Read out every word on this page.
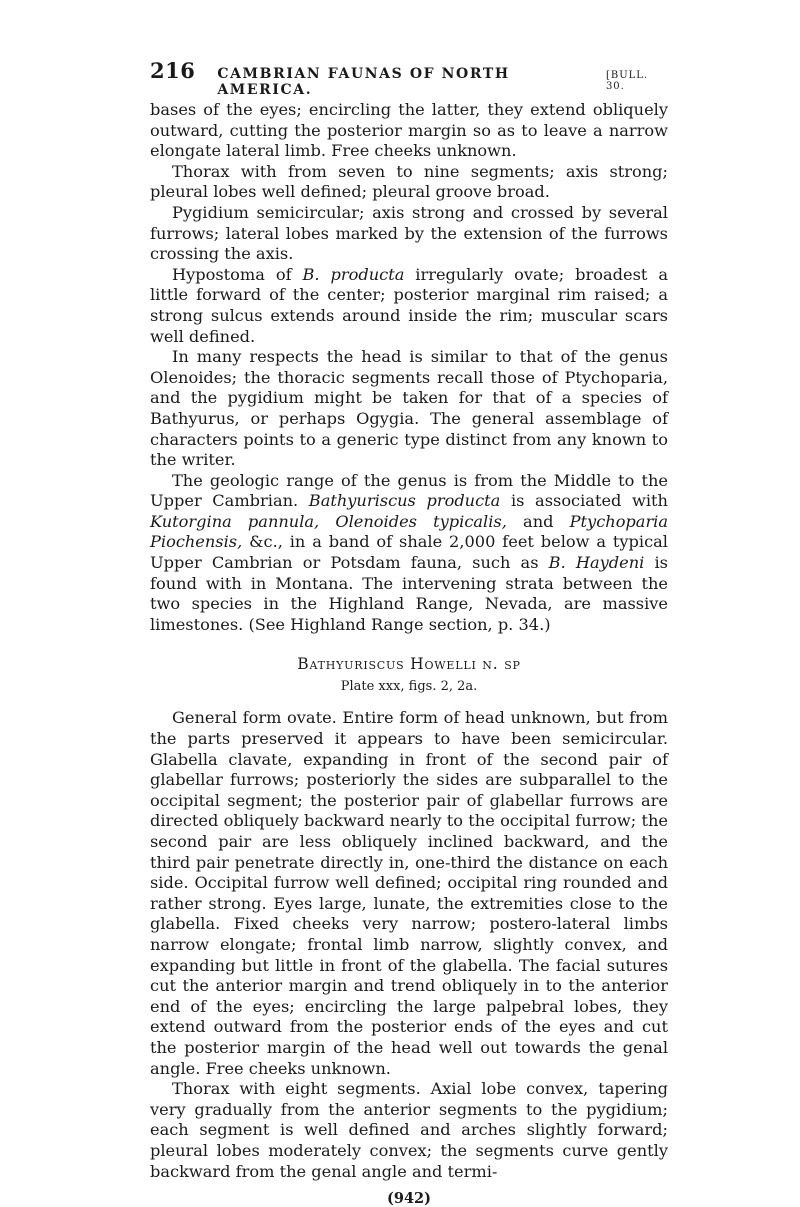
216 CAMBRIAN FAUNAS OF NORTH AMERICA.
[BULL. 30.

bases of the eyes; encircling the latter, they extend obliquely outward, cutting the posterior margin so as to leave a narrow elongate lateral limb. Free cheeks unknown.

Thorax with from seven to nine segments; axis strong; pleural lobes well defined; pleural groove broad.

Pygidium semicircular; axis strong and crossed by several furrows; lateral lobes marked by the extension of the furrows crossing the axis.

Hypostoma of B. producta irregularly ovate; broadest a little forward of the center; posterior marginal rim raised; a strong sulcus extends around inside the rim; muscular scars well defined.

In many respects the head is similar to that of the genus Olenoides; the thoracic segments recall those of Ptychoparia, and the pygidium might be taken for that of a species of Bathyurus, or perhaps Ogygia. The general assemblage of characters points to a generic type distinct from any known to the writer.

The geologic range of the genus is from the Middle to the Upper Cambrian. Bathyuriscus producta is associated with Kutorgina pannula, Olenoides typicalis, and Ptychoparia Piochensis, &c., in a band of shale 2,000 feet below a typical Upper Cambrian or Potsdam fauna, such as B. Haydeni is found with in Montana. The intervening strata between the two species in the Highland Range, Nevada, are massive limestones. (See Highland Range section, p. 34.)

Bathyuriscus Howelli n. sp
Plate xxx, figs. 2, 2a.

General form ovate. Entire form of head unknown, but from the parts preserved it appears to have been semicircular. Glabella clavate, expanding in front of the second pair of glabellar furrows; posteriorly the sides are subparallel to the occipital segment; the posterior pair of glabellar furrows are directed obliquely backward nearly to the occipital furrow; the second pair are less obliquely inclined backward, and the third pair penetrate directly in, one-third the distance on each side. Occipital furrow well defined; occipital ring rounded and rather strong. Eyes large, lunate, the extremities close to the glabella. Fixed cheeks very narrow; postero-lateral limbs narrow elongate; frontal limb narrow, slightly convex, and expanding but little in front of the glabella. The facial sutures cut the anterior margin and trend obliquely in to the anterior end of the eyes; encircling the large palpebral lobes, they extend outward from the posterior ends of the eyes and cut the posterior margin of the head well out towards the genal angle. Free cheeks unknown.

Thorax with eight segments. Axial lobe convex, tapering very gradually from the anterior segments to the pygidium; each segment is well defined and arches slightly forward; pleural lobes moderately convex; the segments curve gently backward from the genal angle and termi-

(942)
